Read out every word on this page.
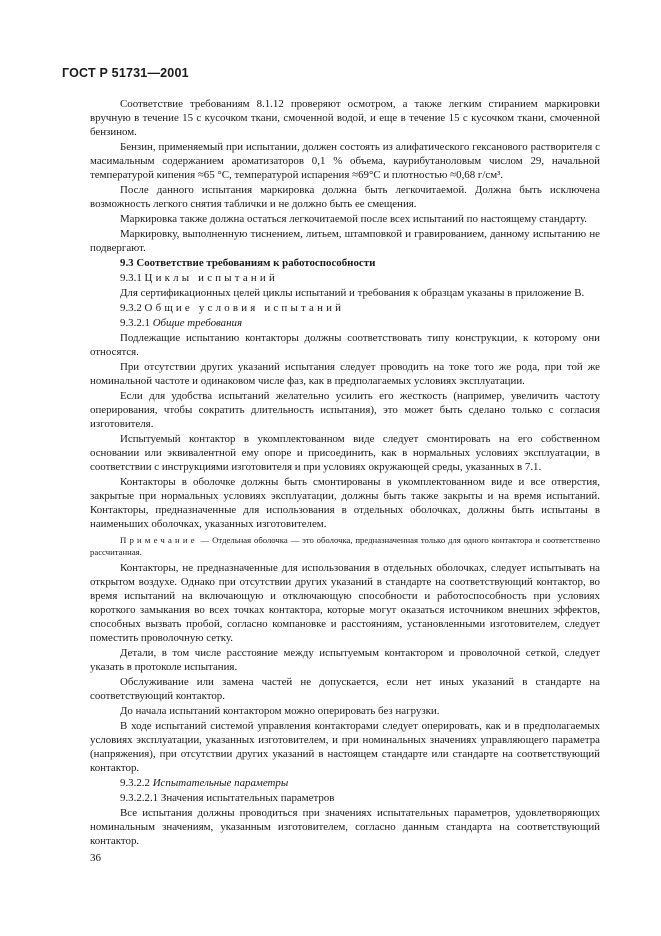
ГОСТ Р 51731—2001

Соответствие требованиям 8.1.12 проверяют осмотром, а также легким стиранием маркировки вручную в течение 15 с кусочком ткани, смоченной водой, и еще в течение 15 с кусочком ткани, смоченной бензином.

Бензин, применяемый при испытании, должен состоять из алифатического гексанового растворителя с масимальным содержанием ароматизаторов 0,1 % объема, каурибутаноловым числом 29, начальной температурой кипения ≈65 °С, температурой испарения ≈69°С и плотностью ≈0,68 г/см³.

После данного испытания маркировка должна быть легкочитаемой. Должна быть исключена возможность легкого снятия таблички и не должно быть ее смещения.

Маркировка также должна остаться легкочитаемой после всех испытаний по настоящему стандарту.

Маркировку, выполненную тиснением, литьем, штамповкой и гравированием, данному испытанию не подвергают.

9.3 Соответствие требованиям к работоспособности

9.3.1 Циклы испытаний

Для сертификационных целей циклы испытаний и требования к образцам указаны в приложение В.

9.3.2 Общие условия испытаний

9.3.2.1 Общие требования

Подлежащие испытанию контакторы должны соответствовать типу конструкции, к которому они относятся.

При отсутствии других указаний испытания следует проводить на токе того же рода, при той же номинальной частоте и одинаковом числе фаз, как в предполагаемых условиях эксплуатации.

Если для удобства испытаний желательно усилить его жесткость (например, увеличить частоту оперирования, чтобы сократить длительность испытания), это может быть сделано только с согласия изготовителя.

Испытуемый контактор в укомплектованном виде следует смонтировать на его собственном основании или эквивалентной ему опоре и присоединить, как в нормальных условиях эксплуатации, в соответствии с инструкциями изготовителя и при условиях окружающей среды, указанных в 7.1.

Контакторы в оболочке должны быть смонтированы в укомплектованном виде и все отверстия, закрытые при нормальных условиях эксплуатации, должны быть также закрыты и на время испытаний. Контакторы, предназначенные для использования в отдельных оболочках, должны быть испытаны в наименьших оболочках, указанных изготовителем.

Примечание — Отдельная оболочка — это оболочка, предназначенная только для одного контактора и соответственно рассчитанная.

Контакторы, не предназначенные для использования в отдельных оболочках, следует испытывать на открытом воздухе. Однако при отсутствии других указаний в стандарте на соответствующий контактор, во время испытаний на включающую и отключающую способности и работоспособность при условиях короткого замыкания во всех точках контактора, которые могут оказаться источником внешних эффектов, способных вызвать пробой, согласно компановке и расстояниям, установленными изготовителем, следует поместить проволочную сетку.

Детали, в том числе расстояние между испытуемым контактором и проволочной сеткой, следует указать в протоколе испытания.

Обслуживание или замена частей не допускается, если нет иных указаний в стандарте на соответствующий контактор.

До начала испытаний контактором можно оперировать без нагрузки.

В ходе испытаний системой управления контакторами следует оперировать, как и в предполагаемых условиях эксплуатации, указанных изготовителем, и при номинальных значениях управляющего параметра (напряжения), при отсутствии других указаний в настоящем стандарте или стандарте на соответствующий контактор.

9.3.2.2 Испытательные параметры

9.3.2.2.1 Значения испытательных параметров

Все испытания должны проводиться при значениях испытательных параметров, удовлетворяющих номинальным значениям, указанным изготовителем, согласно данным стандарта на соответствующий контактор.

36
